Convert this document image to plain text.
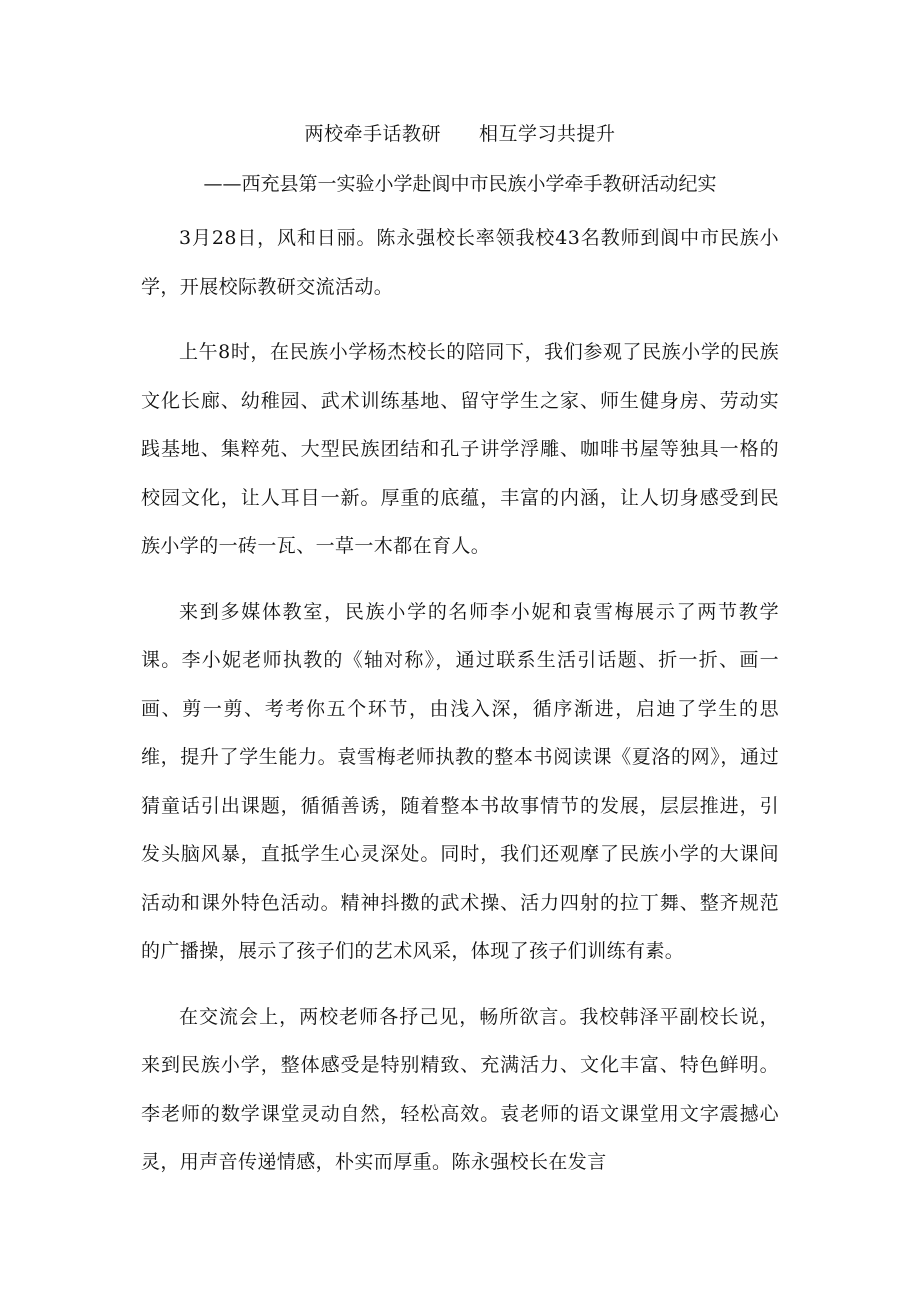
两校牵手话教研 相互学习共提升
——西充县第一实验小学赴阆中市民族小学牵手教研活动纪实

3月28日，风和日丽。陈永强校长率领我校43名教师到阆中市民族小学，开展校际教研交流活动。

上午8时，在民族小学杨杰校长的陪同下，我们参观了民族小学的民族文化长廊、幼稚园、武术训练基地、留守学生之家、师生健身房、劳动实践基地、集粹苑、大型民族团结和孔子讲学浮雕、咖啡书屋等独具一格的校园文化，让人耳目一新。厚重的底蕴，丰富的内涵，让人切身感受到民族小学的一砖一瓦、一草一木都在育人。

来到多媒体教室，民族小学的名师李小妮和袁雪梅展示了两节教学课。李小妮老师执教的《轴对称》，通过联系生活引话题、折一折、画一画、剪一剪、考考你五个环节，由浅入深，循序渐进，启迪了学生的思维，提升了学生能力。袁雪梅老师执教的整本书阅读课《夏洛的网》，通过猜童话引出课题，循循善诱，随着整本书故事情节的发展，层层推进，引发头脑风暴，直抵学生心灵深处。同时，我们还观摩了民族小学的大课间活动和课外特色活动。精神抖擞的武术操、活力四射的拉丁舞、整齐规范的广播操，展示了孩子们的艺术风采，体现了孩子们训练有素。

在交流会上，两校老师各抒己见，畅所欲言。我校韩泽平副校长说，来到民族小学，整体感受是特别精致、充满活力、文化丰富、特色鲜明。李老师的数学课堂灵动自然，轻松高效。袁老师的语文课堂用文字震撼心灵，用声音传递情感，朴实而厚重。陈永强校长在发言
